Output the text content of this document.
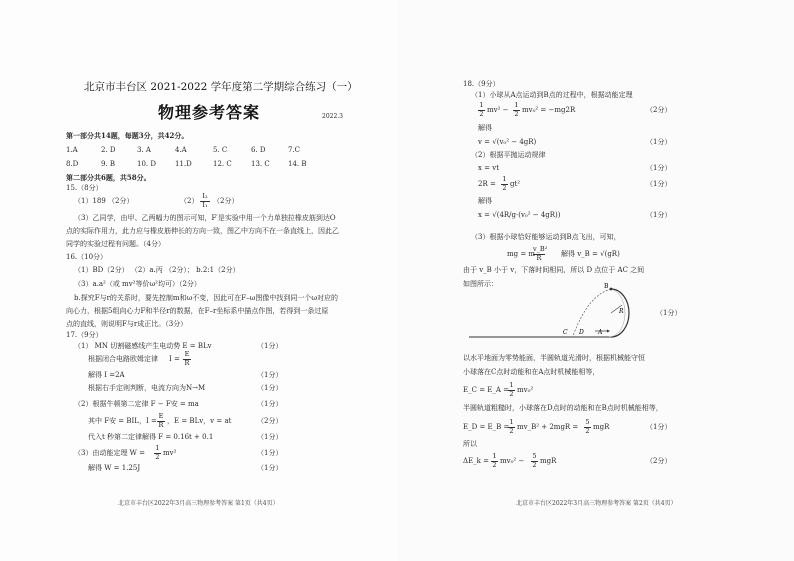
北京市丰台区 2021-2022 学年度第二学期综合练习（一）
物理参考答案	2022.3
第一部分共14题，每题3分，共42分。
1.A	2. D	3. A	4.A	5. C	6. D	7.C
8.D	9. B	10. D	11.D	12. C	13. C	14. B
第二部分共6题，共58分。
15.（8分）
（1）189 （2分）	（2）
I₂
I₁ （2分）
（3）乙同学，由甲、乙两幅力的图示可知，F′是实验中用一个力单独拉橡皮筋到达O
点的实际作用力，此力应与橡皮筋伸长的方向一致，图乙中方向不在一条直线上，因此乙
同学的实验过程有问题。（4分）
16.（10分）
（1）BD（2分） （2）a.丙 （2分）； b.2:1（2分）
（3）a.a²（或 mv²等价ω²均可）（2分）
b.探究F与r的关系时，要先控制m和ω不变，因此可在F–ω图像中找到同一个ω对应的
向心力，根据5组向心力F和半径r的数据，在F–r坐标系中描点作图，若得到一条过原
点的直线，则说明F与r成正比。（3分）
17.（9分）
（1） MN 切割磁感线产生电动势 E = BLv	（1分）
根据闭合电路欧姆定律 I =
E
R
解得 I =2A	（1分）
根据右手定则判断，电流方向为N→M	（1分）
（2）根据牛顿第二定律 F − F安 = ma	（1分）
其中 F安 = BIL，I =
E
R ，E = BLv，v = at	（2分）
代入t 秒第二定律解得 F = 0.16t + 0.1	（1分）
（3）由动能定理 W =
1
2 mv²	（1分）
解得 W = 1.25J	（1分）
北京市丰台区2022年3月高三物理参考答案 第1页（共4页）
18.（9分）
（1）小球从A点运动到B点的过程中，根据动能定理
1
2 mv² −
1
2 mv₀² = −mg2R	（2分）
解得
v = √(v₀² − 4gR)	（1分）
（2）根据平抛运动规律
x = vt	（1分）
2R =
1
2 gt²	（1分）
解得
x = √(4R/g·(v₀² − 4gR))	（1分）
（3）根据小球恰好能够运动到B点飞出，可知，
mg = m
v_B²
R	解得 v_B = √(gR)
由于 v_B 小于 v，下落时间相同，所以 D 点位于 AC 之间
如图所示：	B
R
C D A
（1分）
以水平地面为零势能面，半圆轨道光滑时，根据机械能守恒
小球落在C点时动能和在A点时机械能相等，
E_C = E_A =
1
2 mv₀²
半圆轨道粗糙时，小球落在D点时的动能和在B点时机械能相等，
E_D = E_B =
1
2 mv_B² + 2mgR =
5
2 mgR	（1分）
所以
ΔE_k =
1
2 mv₀² −
5
2 mgR	（2分）
北京市丰台区2022年3月高三物理参考答案 第2页（共4页）
